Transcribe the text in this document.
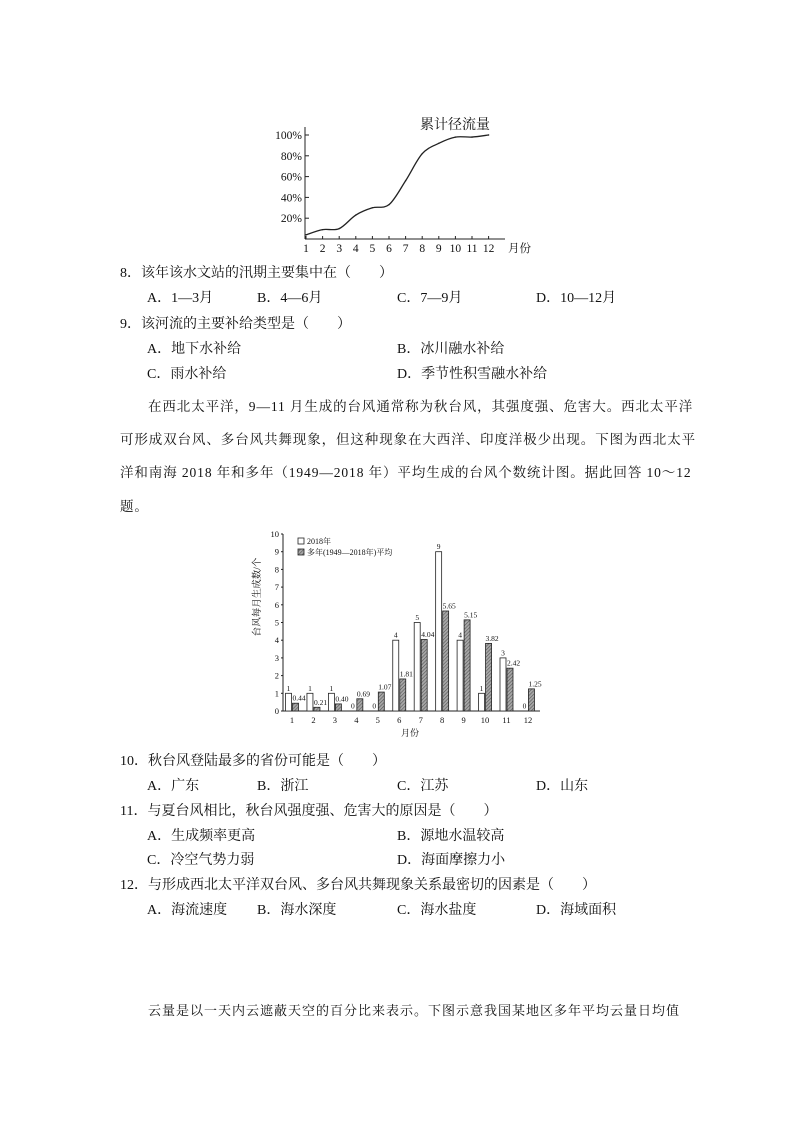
20%
40%
60%
80%
100%
1 2 3 4 5 6 7 8 9 10 11 12 月份
累计径流量
8．该年该水文站的汛期主要集中在（　　）
A．1—3月	B．4—6月	C．7—9月	D．10—12月
9．该河流的主要补给类型是（　　）
A．地下水补给	B．冰川融水补给
C．雨水补给	D．季节性积雪融水补给
在西北太平洋，9—11 月生成的台风通常称为秋台风，其强度强、危害大。西北太平洋
可形成双台风、多台风共舞现象，但这种现象在大西洋、印度洋极少出现。下图为西北太平
洋和南海 2018 年和多年（1949—2018 年）平均生成的台风个数统计图。据此回答 10～12
题。
0
1
2
3
4
5
6
7
8
9
10
1 2 3 4 5 6 7 8 9 10 11 12
1
0.44
1
0.21
1
0.40
0
0.69
0
1.07
4
1.81
5
4.04
9
5.65
4
5.15
1
3.82
3
2.42
0
1.25
2018年
多年(1949—2018年)平均
台风每月生成数/个
月份
10．秋台风登陆最多的省份可能是（　　）
A．广东	B．浙江	C．江苏	D．山东
11．与夏台风相比，秋台风强度强、危害大的原因是（　　）
A．生成频率更高	B．源地水温较高
C．冷空气势力弱	D．海面摩擦力小
12．与形成西北太平洋双台风、多台风共舞现象关系最密切的因素是（　　）
A．海流速度 B．海水深度	C．海水盐度	D．海域面积
云量是以一天内云遮蔽天空的百分比来表示。下图示意我国某地区多年平均云量日均值
